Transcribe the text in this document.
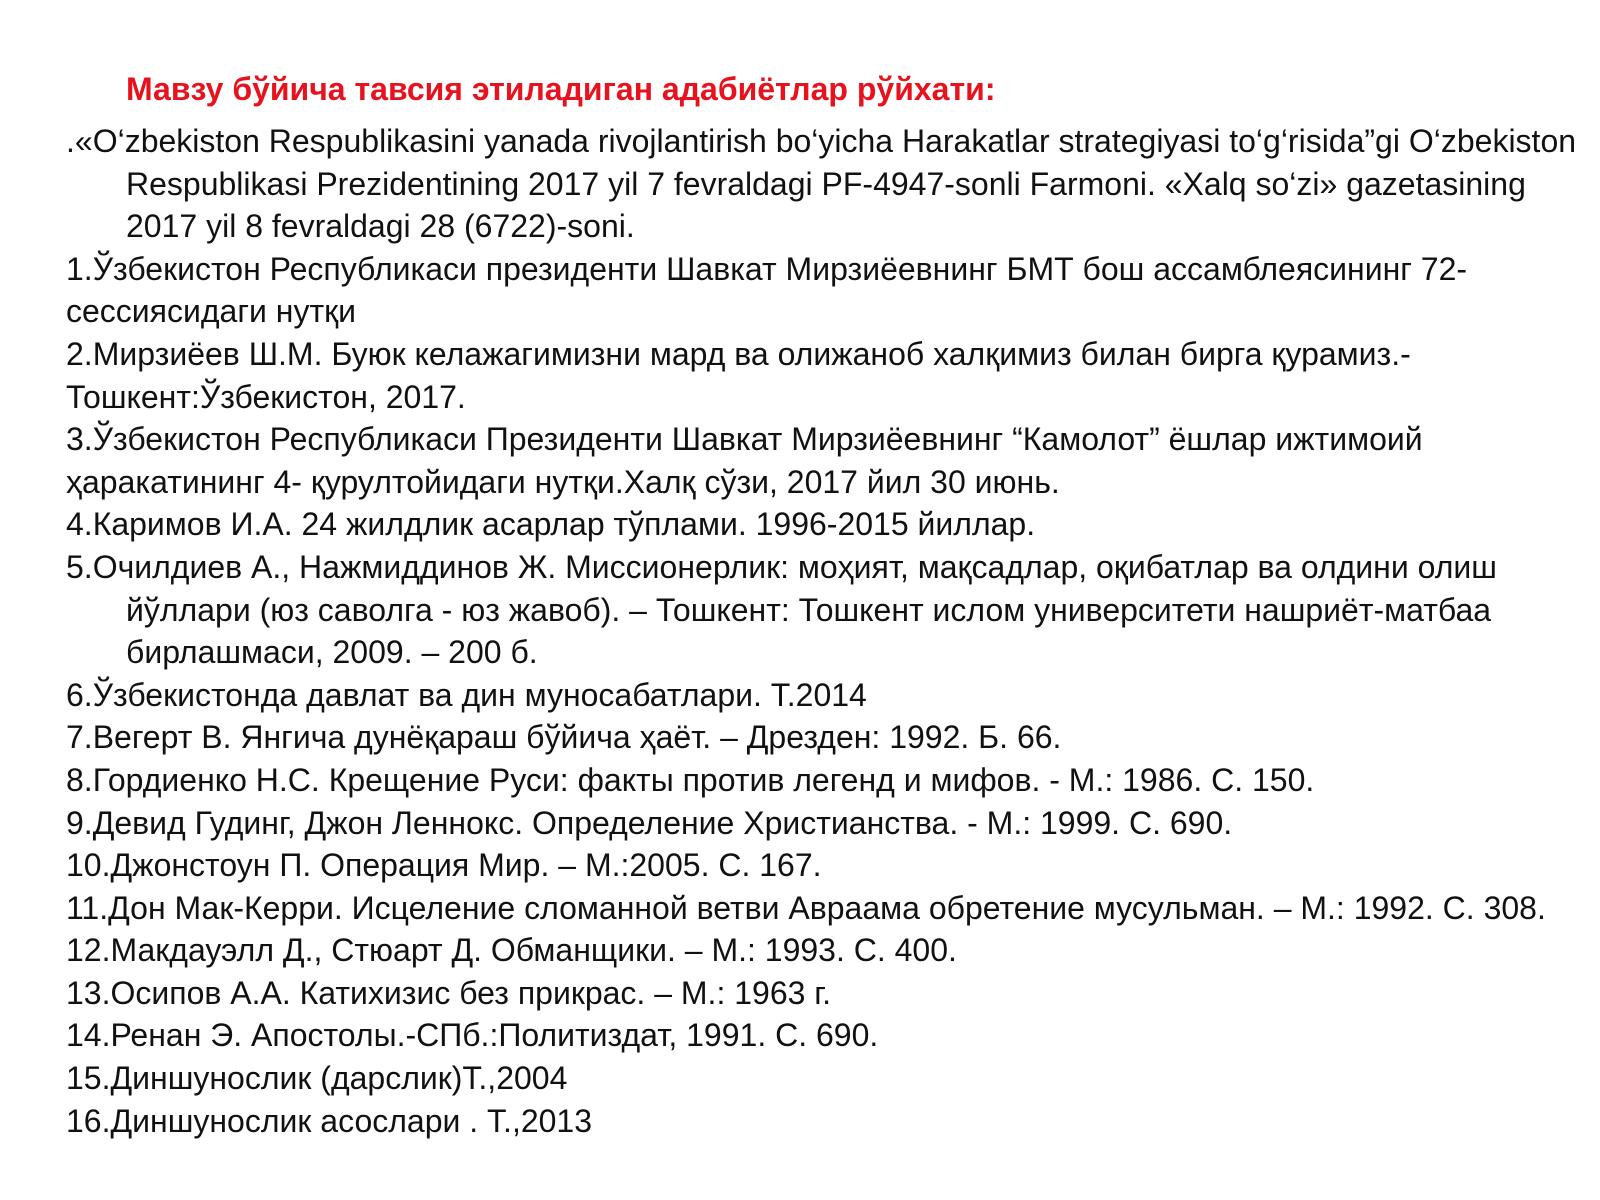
Мавзу бўйича тавсия этиладиган адабиётлар рўйхати:

.«O‘zbekiston Respublikasini yanada rivojlantirish bo‘yicha Harakatlar strategiyasi to‘g‘risida”gi O‘zbekiston Respublikasi Prezidentining 2017 yil 7 fevraldagi PF-4947-sonli Farmoni. «Xalq so‘zi» gazetasining 2017 yil 8 fevraldagi 28 (6722)-soni.

1.Ўзбекистон Республикаси президенти Шавкат Мирзиёевнинг БМТ бош ассамблеясининг 72-сессиясидаги нутқи

2.Мирзиёев Ш.М. Буюк келажагимизни мард ва олижаноб халқимиз билан бирга қурамиз.-Тошкент:Ўзбекистон, 2017.

3.Ўзбекистон Республикаси Президенти Шавкат Мирзиёевнинг “Камолот” ёшлар ижтимоий ҳаракатининг 4- қурултойидаги нутқи.Халқ сўзи, 2017 йил 30 июнь.

4.Каримов И.А. 24 жилдлик асарлар тўплами. 1996-2015 йиллар.

5.Очилдиев А., Нажмиддинов Ж. Миссионерлик: моҳият, мақсадлар, оқибатлар ва олдини олиш йўллари (юз саволга - юз жавоб). – Тошкент: Тошкент ислом университети нашриёт-матбаа бирлашмаси, 2009. – 200 б.

6.Ўзбекистонда давлат ва дин муносабатлари. Т.2014

7.Вегерт В. Янгича дунёқараш бўйича ҳаёт. – Дрезден: 1992. Б. 66.

8.Гордиенко Н.С. Крещение Руси: факты против легенд и мифов. - М.: 1986. С. 150.

9.Девид Гудинг, Джон Леннокс. Определение Христианства. - М.: 1999. С. 690.

10.Джонстоун П. Операция Мир. – М.:2005. С. 167.

11.Дон Мак-Керри. Исцеление сломанной ветви Авраама обретение мусульман. – М.: 1992. С. 308.

12.Макдауэлл Д., Стюарт Д. Обманщики. – М.: 1993. С. 400.

13.Осипов А.А. Катихизис без прикрас. – М.: 1963 г.

14.Ренан Э. Апостолы.-СПб.:Политиздат, 1991. С. 690.

15.Диншунослик (дарслик)Т.,2004

16.Диншунослик асослари . Т.,2013
